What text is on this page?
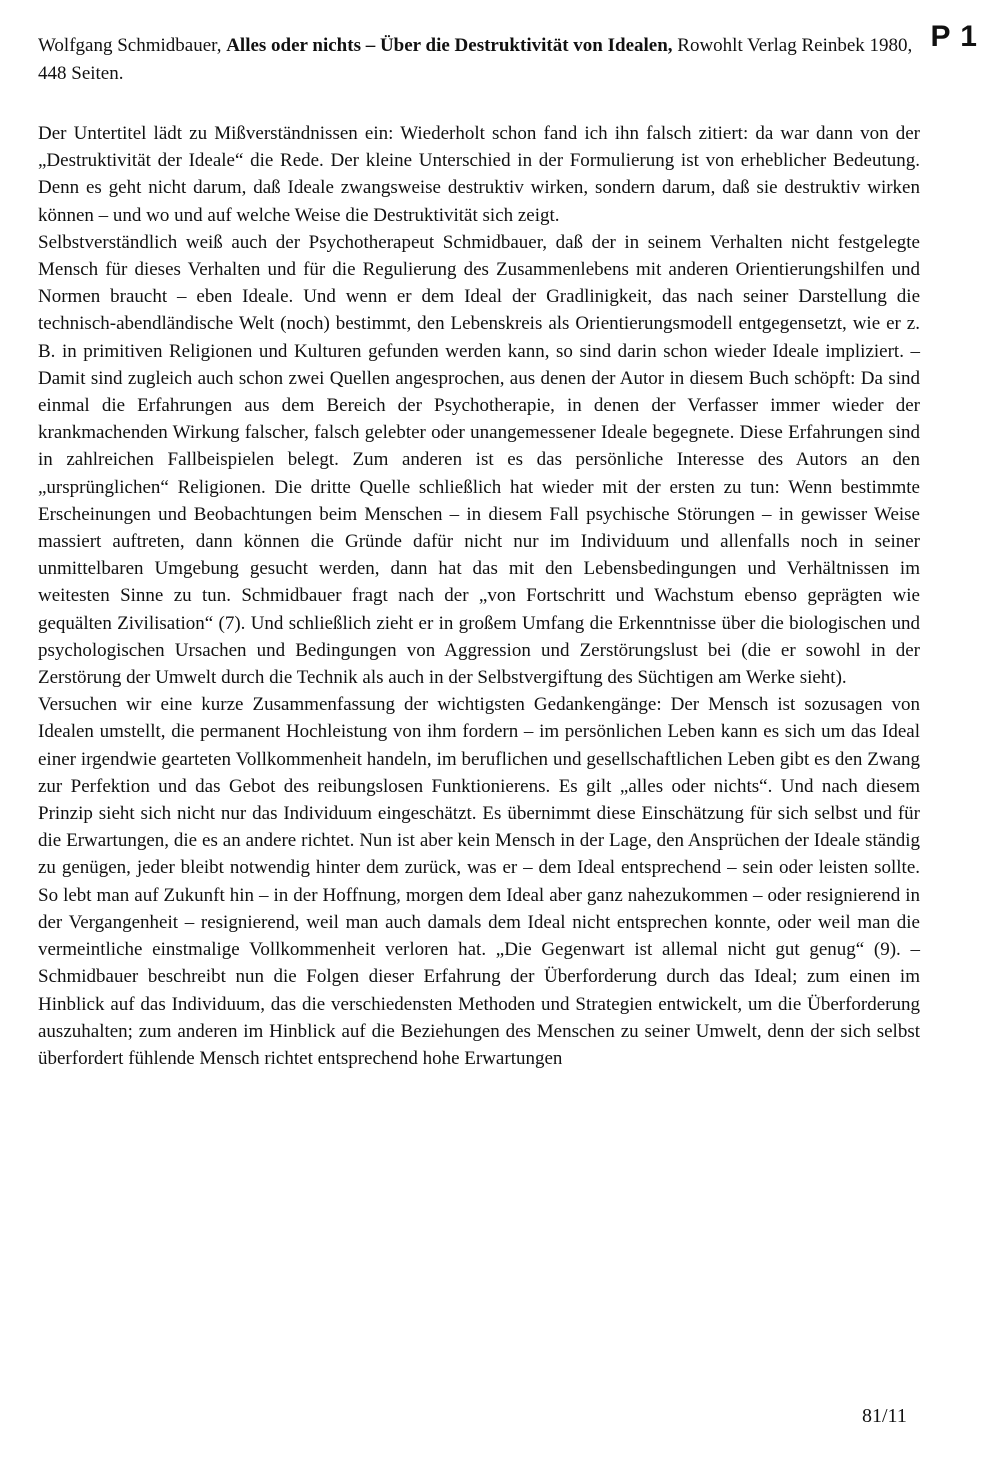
P 1
Wolfgang Schmidbauer, Alles oder nichts – Über die Destruktivität von Idealen, Rowohlt Verlag Reinbek 1980, 448 Seiten.

Der Untertitel lädt zu Mißverständnissen ein: Wiederholt schon fand ich ihn falsch zitiert: da war dann von der „Destruktivität der Ideale“ die Rede. Der kleine Unterschied in der Formulierung ist von erheblicher Bedeutung. Denn es geht nicht darum, daß Ideale zwangsweise destruktiv wirken, sondern darum, daß sie destruktiv wirken können – und wo und auf welche Weise die Destruktivität sich zeigt.

Selbstverständlich weiß auch der Psychotherapeut Schmidbauer, daß der in seinem Verhalten nicht festgelegte Mensch für dieses Verhalten und für die Regulierung des Zusammenlebens mit anderen Orientierungshilfen und Normen braucht – eben Ideale. Und wenn er dem Ideal der Gradlinigkeit, das nach seiner Darstellung die technisch-abendländische Welt (noch) bestimmt, den Lebenskreis als Orientierungsmodell entgegensetzt, wie er z. B. in primitiven Religionen und Kulturen gefunden werden kann, so sind darin schon wieder Ideale impliziert. – Damit sind zugleich auch schon zwei Quellen angesprochen, aus denen der Autor in diesem Buch schöpft: Da sind einmal die Erfahrungen aus dem Bereich der Psychotherapie, in denen der Verfasser immer wieder der krankmachenden Wirkung falscher, falsch gelebter oder unangemessener Ideale begegnete. Diese Erfahrungen sind in zahlreichen Fallbeispielen belegt. Zum anderen ist es das persönliche Interesse des Autors an den „ursprünglichen“ Religionen. Die dritte Quelle schließlich hat wieder mit der ersten zu tun: Wenn bestimmte Erscheinungen und Beobachtungen beim Menschen – in diesem Fall psychische Störungen – in gewisser Weise massiert auftreten, dann können die Gründe dafür nicht nur im Individuum und allenfalls noch in seiner unmittelbaren Umgebung gesucht werden, dann hat das mit den Lebensbedingungen und Verhältnissen im weitesten Sinne zu tun. Schmidbauer fragt nach der „von Fortschritt und Wachstum ebenso geprägten wie gequälten Zivilisation“ (7). Und schließlich zieht er in großem Umfang die Erkenntnisse über die biologischen und psychologischen Ursachen und Bedingungen von Aggression und Zerstörungslust bei (die er sowohl in der Zerstörung der Umwelt durch die Technik als auch in der Selbstvergiftung des Süchtigen am Werke sieht).

Versuchen wir eine kurze Zusammenfassung der wichtigsten Gedankengänge: Der Mensch ist sozusagen von Idealen umstellt, die permanent Hochleistung von ihm fordern – im persönlichen Leben kann es sich um das Ideal einer irgendwie gearteten Vollkommenheit handeln, im beruflichen und gesellschaftlichen Leben gibt es den Zwang zur Perfektion und das Gebot des reibungslosen Funktionierens. Es gilt „alles oder nichts“. Und nach diesem Prinzip sieht sich nicht nur das Individuum eingeschätzt. Es übernimmt diese Einschätzung für sich selbst und für die Erwartungen, die es an andere richtet. Nun ist aber kein Mensch in der Lage, den Ansprüchen der Ideale ständig zu genügen, jeder bleibt notwendig hinter dem zurück, was er – dem Ideal entsprechend – sein oder leisten sollte. So lebt man auf Zukunft hin – in der Hoffnung, morgen dem Ideal aber ganz nahezukommen – oder resignierend in der Vergangenheit – resignierend, weil man auch damals dem Ideal nicht entsprechen konnte, oder weil man die vermeintliche einstmalige Vollkommenheit verloren hat. „Die Gegenwart ist allemal nicht gut genug“ (9). – Schmidbauer beschreibt nun die Folgen dieser Erfahrung der Überforderung durch das Ideal; zum einen im Hinblick auf das Individuum, das die verschiedensten Methoden und Strategien entwickelt, um die Überforderung auszuhalten; zum anderen im Hinblick auf die Beziehungen des Menschen zu seiner Umwelt, denn der sich selbst überfordert fühlende Mensch richtet entsprechend hohe Erwartungen

81/11
